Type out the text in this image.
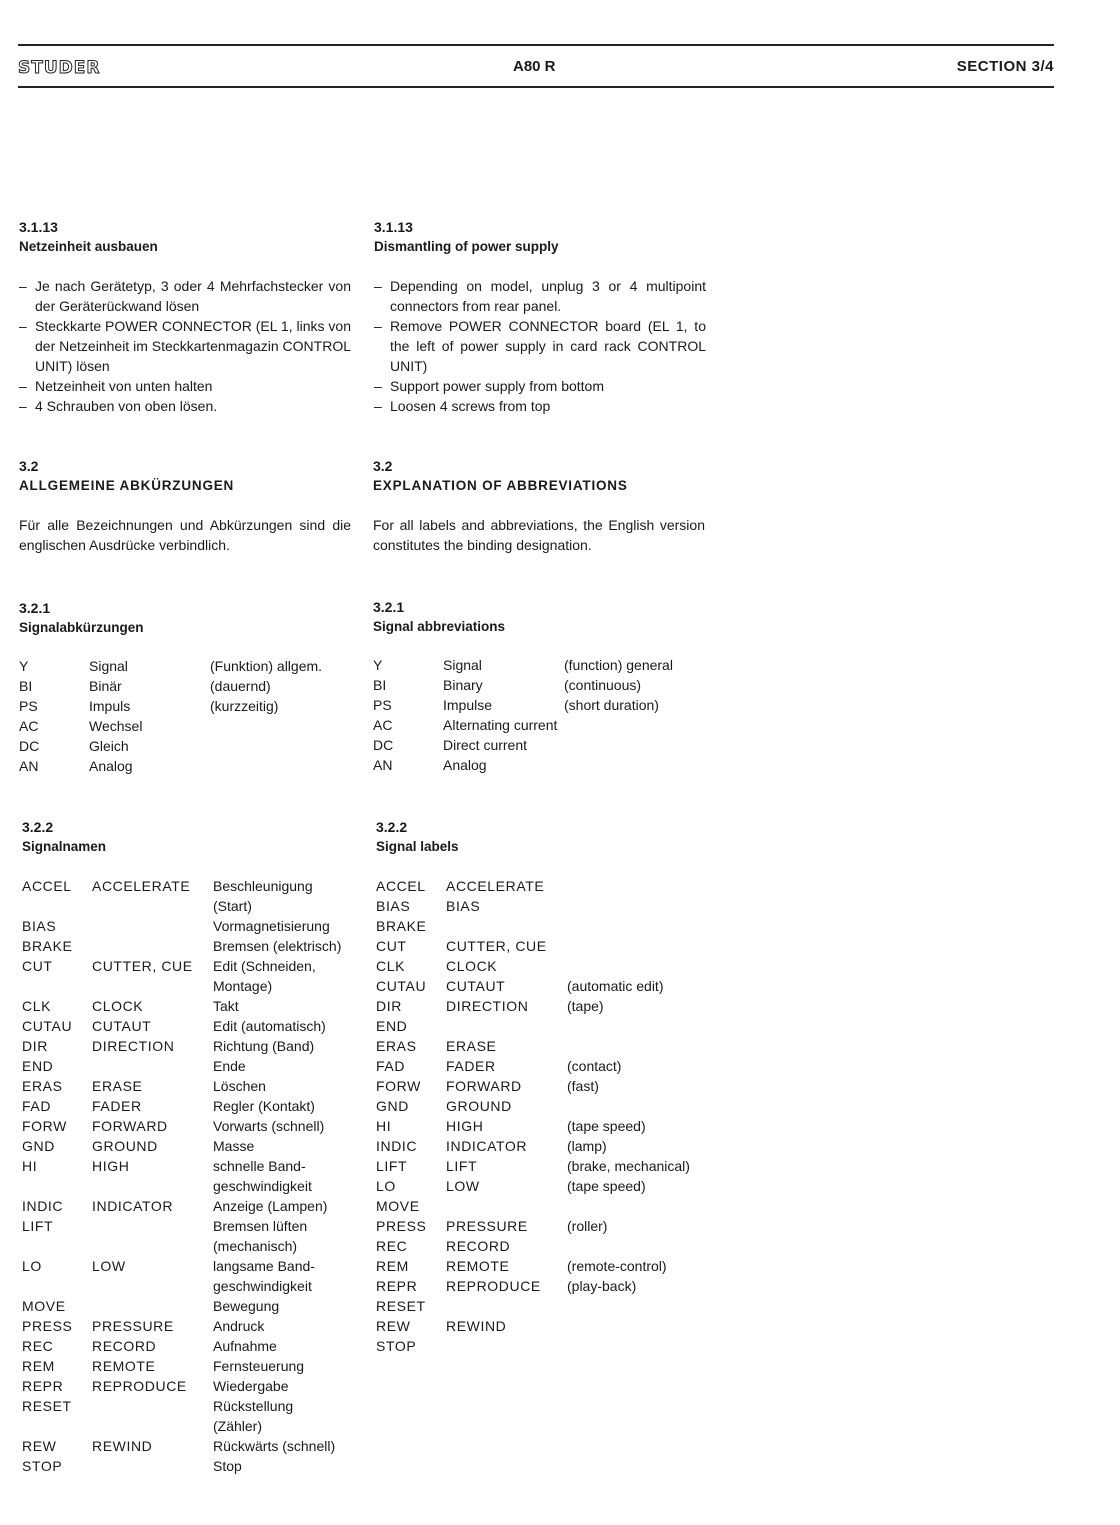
STUDER	A80 R	SECTION 3/4
3.1.13
Netzeinheit ausbauen
– Je nach Gerätetyp, 3 oder 4 Mehrfachstecker von der Geräterückwand lösen
– Steckkarte POWER CONNECTOR (EL 1, links von der Netzeinheit im Steckkartenmagazin CONTROL UNIT) lösen
– Netzeinheit von unten halten
– 4 Schrauben von oben lösen.
3.2
ALLGEMEINE ABKÜRZUNGEN
Für alle Bezeichnungen und Abkürzungen sind die englischen Ausdrücke verbindlich.
3.2.1
Signalabkürzungen
Y	Signal	(Funktion) allgem.
BI	Binär	(dauernd)
PS	Impuls	(kurzzeitig)
AC	Wechsel	
DC	Gleich	
AN	Analog	
3.2.2
Signalnamen
ACCEL	ACCELERATE	Beschleunigung
		(Start)
BIAS		Vormagnetisierung
BRAKE		Bremsen (elektrisch)
CUT	CUTTER, CUE	Edit (Schneiden,
		Montage)
CLK	CLOCK	Takt
CUTAU	CUTAUT	Edit (automatisch)
DIR	DIRECTION	Richtung (Band)
END		Ende
ERAS	ERASE	Löschen
FAD	FADER	Regler (Kontakt)
FORW	FORWARD	Vorwarts (schnell)
GND	GROUND	Masse
HI	HIGH	schnelle Band-
		geschwindigkeit
INDIC	INDICATOR	Anzeige (Lampen)
LIFT		Bremsen lüften
		(mechanisch)
LO	LOW	langsame Band-
		geschwindigkeit
MOVE		Bewegung
PRESS	PRESSURE	Andruck
REC	RECORD	Aufnahme
REM	REMOTE	Fernsteuerung
REPR	REPRODUCE	Wiedergabe
RESET		Rückstellung
		(Zähler)
REW	REWIND	Rückwärts (schnell)
STOP		Stop
3.1.13
Dismantling of power supply
– Depending on model, unplug 3 or 4 multipoint connectors from rear panel.
– Remove POWER CONNECTOR board (EL 1, to the left of power supply in card rack CONTROL UNIT)
– Support power supply from bottom
– Loosen 4 screws from top
3.2
EXPLANATION OF ABBREVIATIONS
For all labels and abbreviations, the English version constitutes the binding designation.
3.2.1
Signal abbreviations
Y	Signal	(function) general
BI	Binary	(continuous)
PS	Impulse	(short duration)
AC	Alternating current	
DC	Direct current	
AN	Analog	
3.2.2
Signal labels
ACCEL	ACCELERATE	
BIAS	BIAS	
BRAKE		
CUT	CUTTER, CUE	
CLK	CLOCK	
CUTAU	CUTAUT	(automatic edit)
DIR	DIRECTION	(tape)
END		
ERAS	ERASE	
FAD	FADER	(contact)
FORW	FORWARD	(fast)
GND	GROUND	
HI	HIGH	(tape speed)
INDIC	INDICATOR	(lamp)
LIFT	LIFT	(brake, mechanical)
LO	LOW	(tape speed)
MOVE		
PRESS	PRESSURE	(roller)
REC	RECORD	
REM	REMOTE	(remote-control)
REPR	REPRODUCE	(play-back)
RESET		
REW	REWIND	
STOP		
